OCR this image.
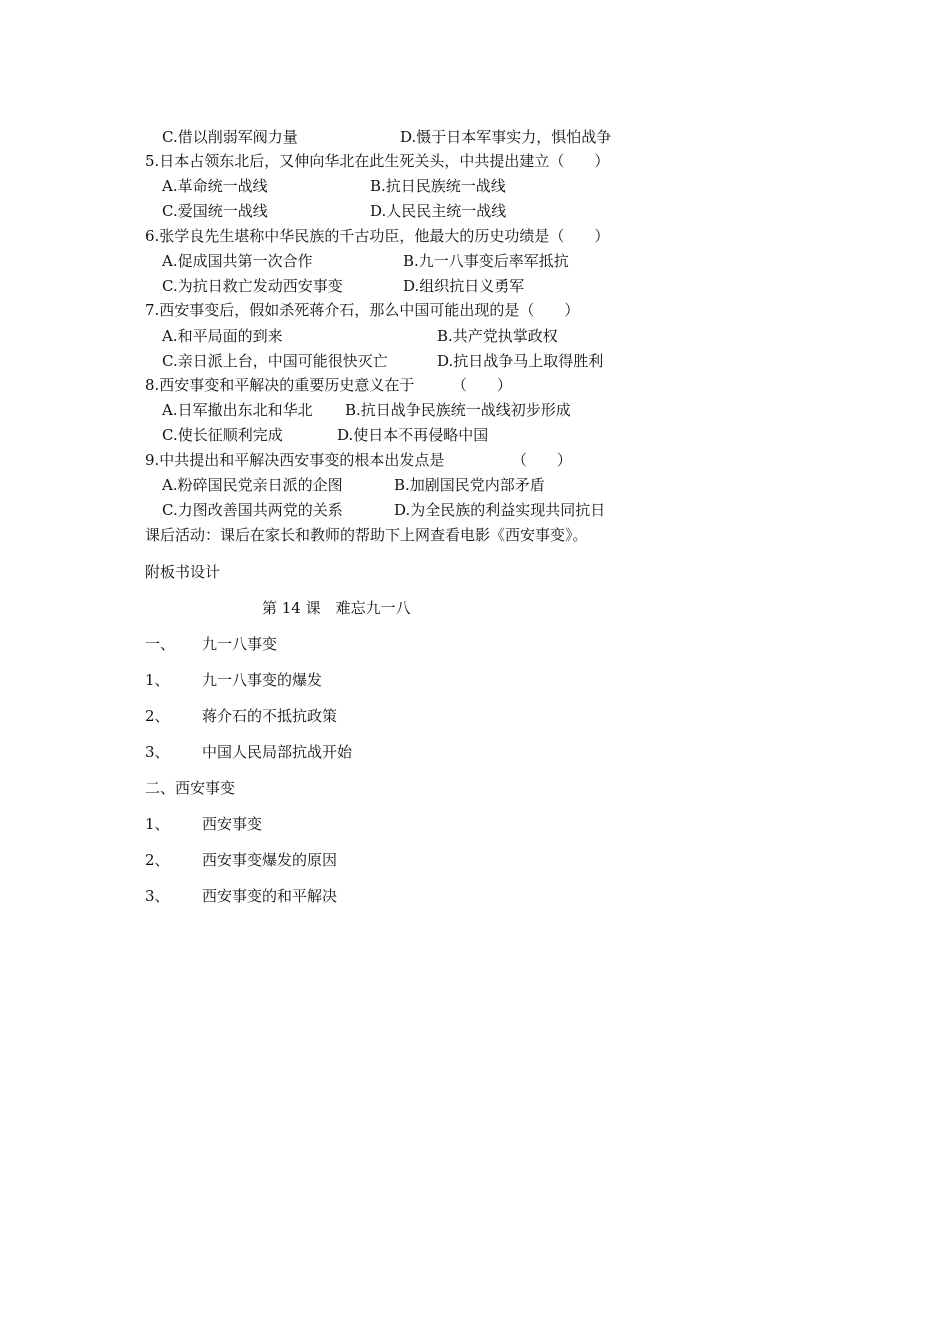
C.借以削弱军阀力量	D.慑于日本军事实力，惧怕战争
5.日本占领东北后，又伸向华北在此生死关头，中共提出建立（　　）
A.革命统一战线	B.抗日民族统一战线
C.爱国统一战线	D.人民民主统一战线
6.张学良先生堪称中华民族的千古功臣，他最大的历史功绩是（　　）
A.促成国共第一次合作	B.九一八事变后率军抵抗
C.为抗日救亡发动西安事变	D.组织抗日义勇军
7.西安事变后，假如杀死蒋介石，那么中国可能出现的是（　　）
A.和平局面的到来	B.共产党执掌政权
C.亲日派上台，中国可能很快灭亡	D.抗日战争马上取得胜利
8.西安事变和平解决的重要历史意义在于　　　（　　）
A.日军撤出东北和华北 B.抗日战争民族统一战线初步形成
C.使长征顺利完成	D.使日本不再侵略中国
9.中共提出和平解决西安事变的根本出发点是　　　　　（　　）
A.粉碎国民党亲日派的企图	B.加剧国民党内部矛盾
C.力图改善国共两党的关系	D.为全民族的利益实现共同抗日
课后活动：课后在家长和教师的帮助下上网查看电影《西安事变》。
附板书设计
第 14 课　难忘九一八
一、 九一八事变
1、 九一八事变的爆发
2、 蒋介石的不抵抗政策
3、 中国人民局部抗战开始
二、西安事变
1、 西安事变
2、 西安事变爆发的原因
3、 西安事变的和平解决
